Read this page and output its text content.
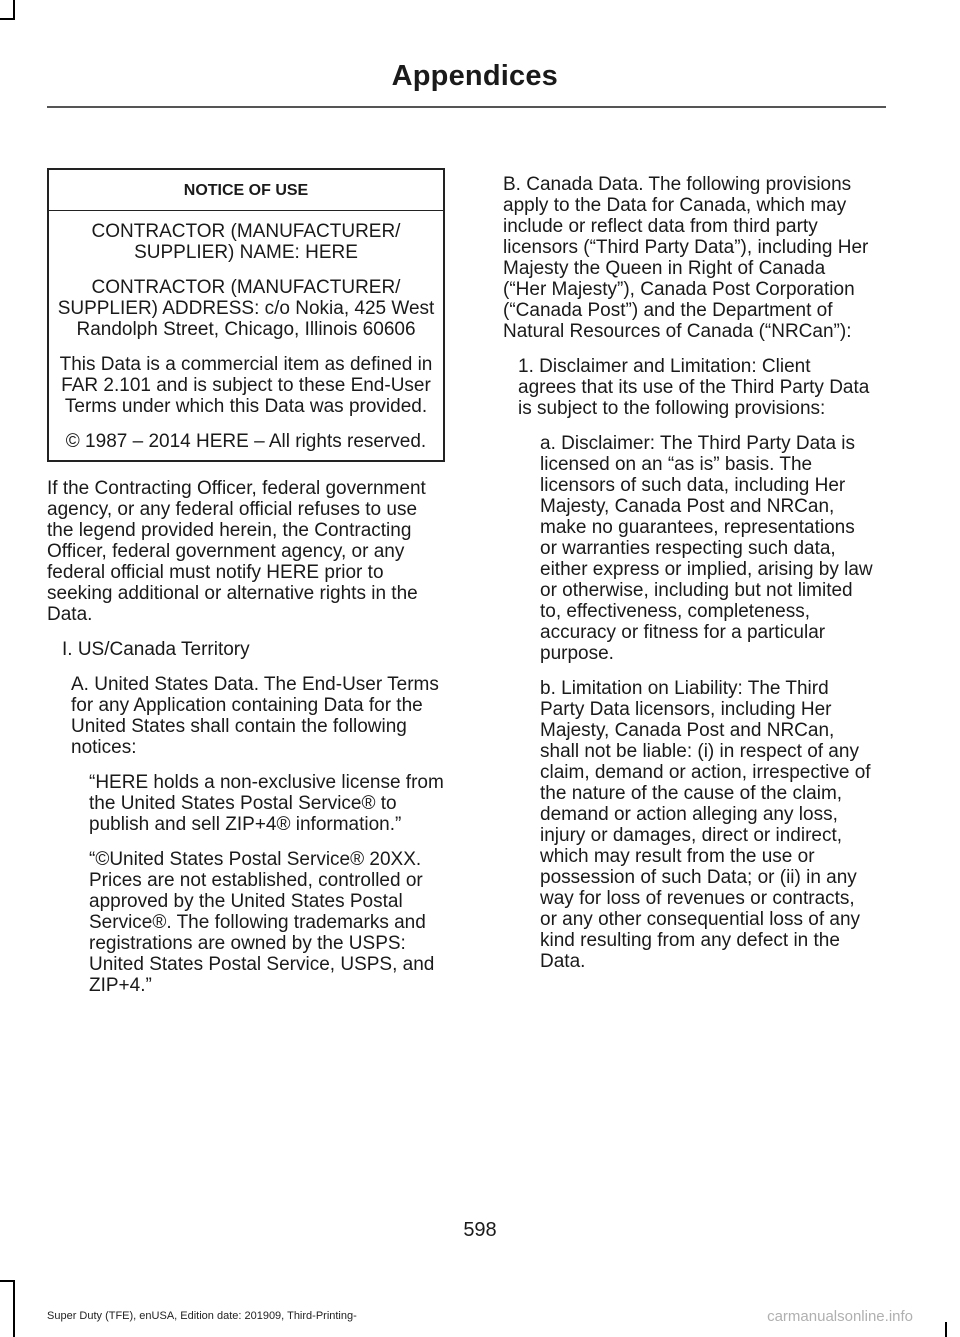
Appendices
NOTICE OF USE

CONTRACTOR (MANUFACTURER/ SUPPLIER) NAME: HERE

CONTRACTOR (MANUFACTURER/ SUPPLIER) ADDRESS: c/o Nokia, 425 West Randolph Street, Chicago, Illinois 60606

This Data is a commercial item as defined in FAR 2.101 and is subject to these End-User Terms under which this Data was provided.

© 1987 – 2014 HERE – All rights reserved.

If the Contracting Officer, federal government agency, or any federal official refuses to use the legend provided herein, the Contracting Officer, federal government agency, or any federal official must notify HERE prior to seeking additional or alternative rights in the Data.

I. US/Canada Territory

A. United States Data. The End-User Terms for any Application containing Data for the United States shall contain the following notices:

“HERE holds a non-exclusive license from the United States Postal Service® to publish and sell ZIP+4® information.”

“©United States Postal Service® 20XX. Prices are not established, controlled or approved by the United States Postal Service®. The following trademarks and registrations are owned by the USPS: United States Postal Service, USPS, and ZIP+4.”

B. Canada Data. The following provisions apply to the Data for Canada, which may include or reflect data from third party licensors (“Third Party Data”), including Her Majesty the Queen in Right of Canada (“Her Majesty”), Canada Post Corporation (“Canada Post”) and the Department of Natural Resources of Canada (“NRCan”):

1. Disclaimer and Limitation: Client agrees that its use of the Third Party Data is subject to the following provisions:

a. Disclaimer: The Third Party Data is licensed on an “as is” basis. The licensors of such data, including Her Majesty, Canada Post and NRCan, make no guarantees, representations or warranties respecting such data, either express or implied, arising by law or otherwise, including but not limited to, effectiveness, completeness, accuracy or fitness for a particular purpose.

b. Limitation on Liability: The Third Party Data licensors, including Her Majesty, Canada Post and NRCan, shall not be liable: (i) in respect of any claim, demand or action, irrespective of the nature of the cause of the claim, demand or action alleging any loss, injury or damages, direct or indirect, which may result from the use or possession of such Data; or (ii) in any way for loss of revenues or contracts, or any other consequential loss of any kind resulting from any defect in the Data.

598
Super Duty (TFE), enUSA, Edition date: 201909, Third-Printing-	carmanualsonline.info
